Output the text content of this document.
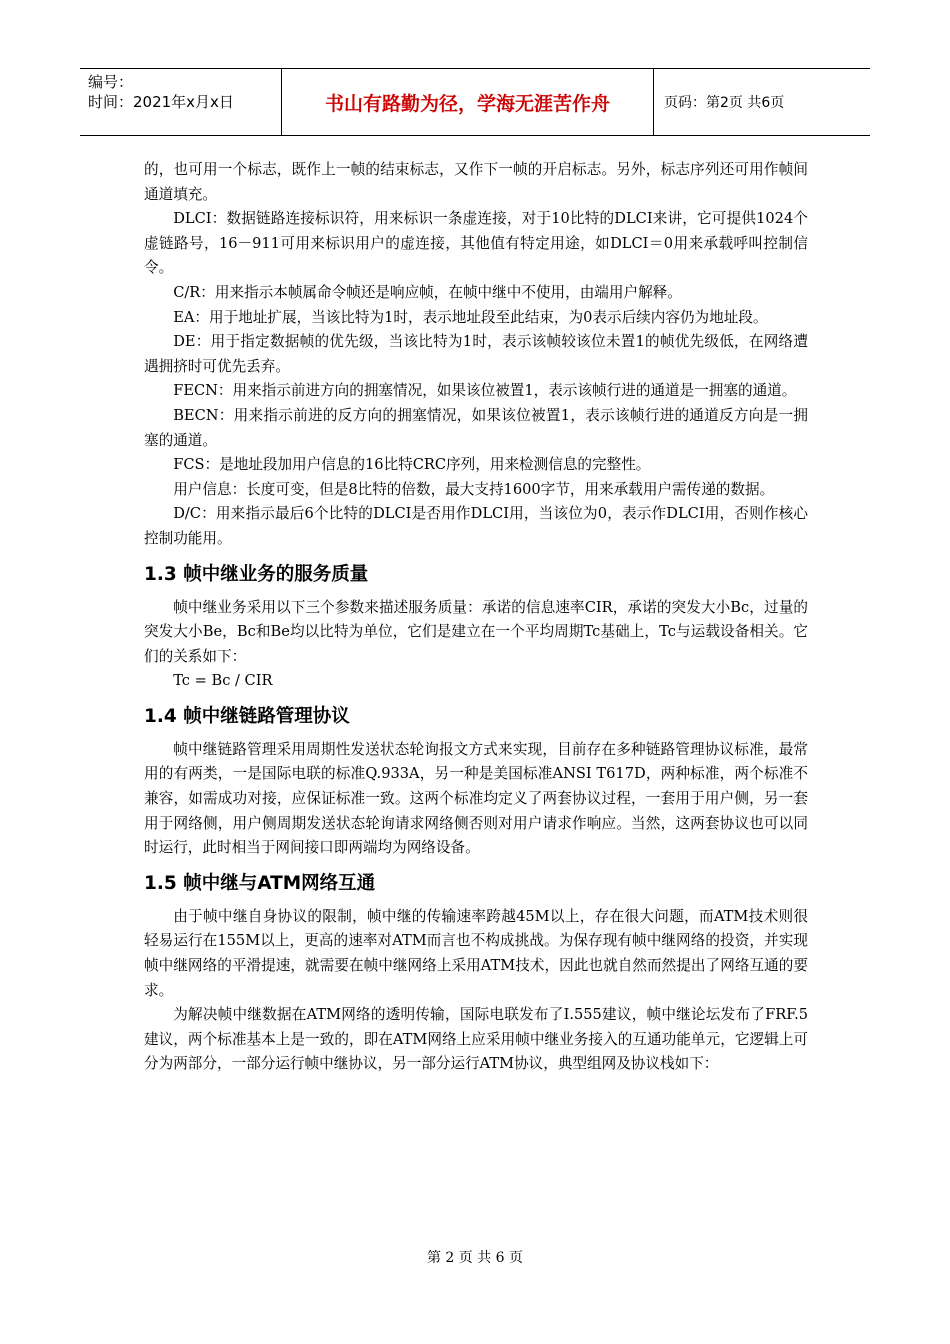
编号：
时间：2021年x月x日	书山有路勤为径，学海无涯苦作舟	页码：第2页 共6页

的，也可用一个标志，既作上一帧的结束标志，又作下一帧的开启标志。另外，标志序列还可用作帧间通道填充。

DLCI：数据链路连接标识符，用来标识一条虚连接，对于10比特的DLCI来讲，它可提供1024个虚链路号，16－911可用来标识用户的虚连接，其他值有特定用途，如DLCI＝0用来承载呼叫控制信令。

C/R：用来指示本帧属命令帧还是响应帧，在帧中继中不使用，由端用户解释。

EA：用于地址扩展，当该比特为1时，表示地址段至此结束，为0表示后续内容仍为地址段。

DE：用于指定数据帧的优先级，当该比特为1时，表示该帧较该位未置1的帧优先级低，在网络遭遇拥挤时可优先丢弃。

FECN：用来指示前进方向的拥塞情况，如果该位被置1，表示该帧行进的通道是一拥塞的通道。

BECN：用来指示前进的反方向的拥塞情况，如果该位被置1，表示该帧行进的通道反方向是一拥塞的通道。

FCS：是地址段加用户信息的16比特CRC序列，用来检测信息的完整性。

用户信息：长度可变，但是8比特的倍数，最大支持1600字节，用来承载用户需传递的数据。

D/C：用来指示最后6个比特的DLCI是否用作DLCI用，当该位为0，表示作DLCI用，否则作核心控制功能用。

1.3 帧中继业务的服务质量

帧中继业务采用以下三个参数来描述服务质量：承诺的信息速率CIR，承诺的突发大小Bc，过量的突发大小Be，Bc和Be均以比特为单位，它们是建立在一个平均周期Tc基础上，Tc与运载设备相关。它们的关系如下：

Tc = Bc / CIR

1.4 帧中继链路管理协议

帧中继链路管理采用周期性发送状态轮询报文方式来实现，目前存在多种链路管理协议标准，最常用的有两类，一是国际电联的标准Q.933A，另一种是美国标准ANSI T617D，两种标准，两个标准不兼容，如需成功对接，应保证标准一致。这两个标准均定义了两套协议过程，一套用于用户侧，另一套用于网络侧，用户侧周期发送状态轮询请求网络侧否则对用户请求作响应。当然，这两套协议也可以同时运行，此时相当于网间接口即两端均为网络设备。

1.5 帧中继与ATM网络互通

由于帧中继自身协议的限制，帧中继的传输速率跨越45M以上，存在很大问题，而ATM技术则很轻易运行在155M以上，更高的速率对ATM而言也不构成挑战。为保存现有帧中继网络的投资，并实现帧中继网络的平滑提速，就需要在帧中继网络上采用ATM技术，因此也就自然而然提出了网络互通的要求。

为解决帧中继数据在ATM网络的透明传输，国际电联发布了I.555建议，帧中继论坛发布了FRF.5建议，两个标准基本上是一致的，即在ATM网络上应采用帧中继业务接入的互通功能单元，它逻辑上可分为两部分，一部分运行帧中继协议，另一部分运行ATM协议，典型组网及协议栈如下：

第 2 页 共 6 页
